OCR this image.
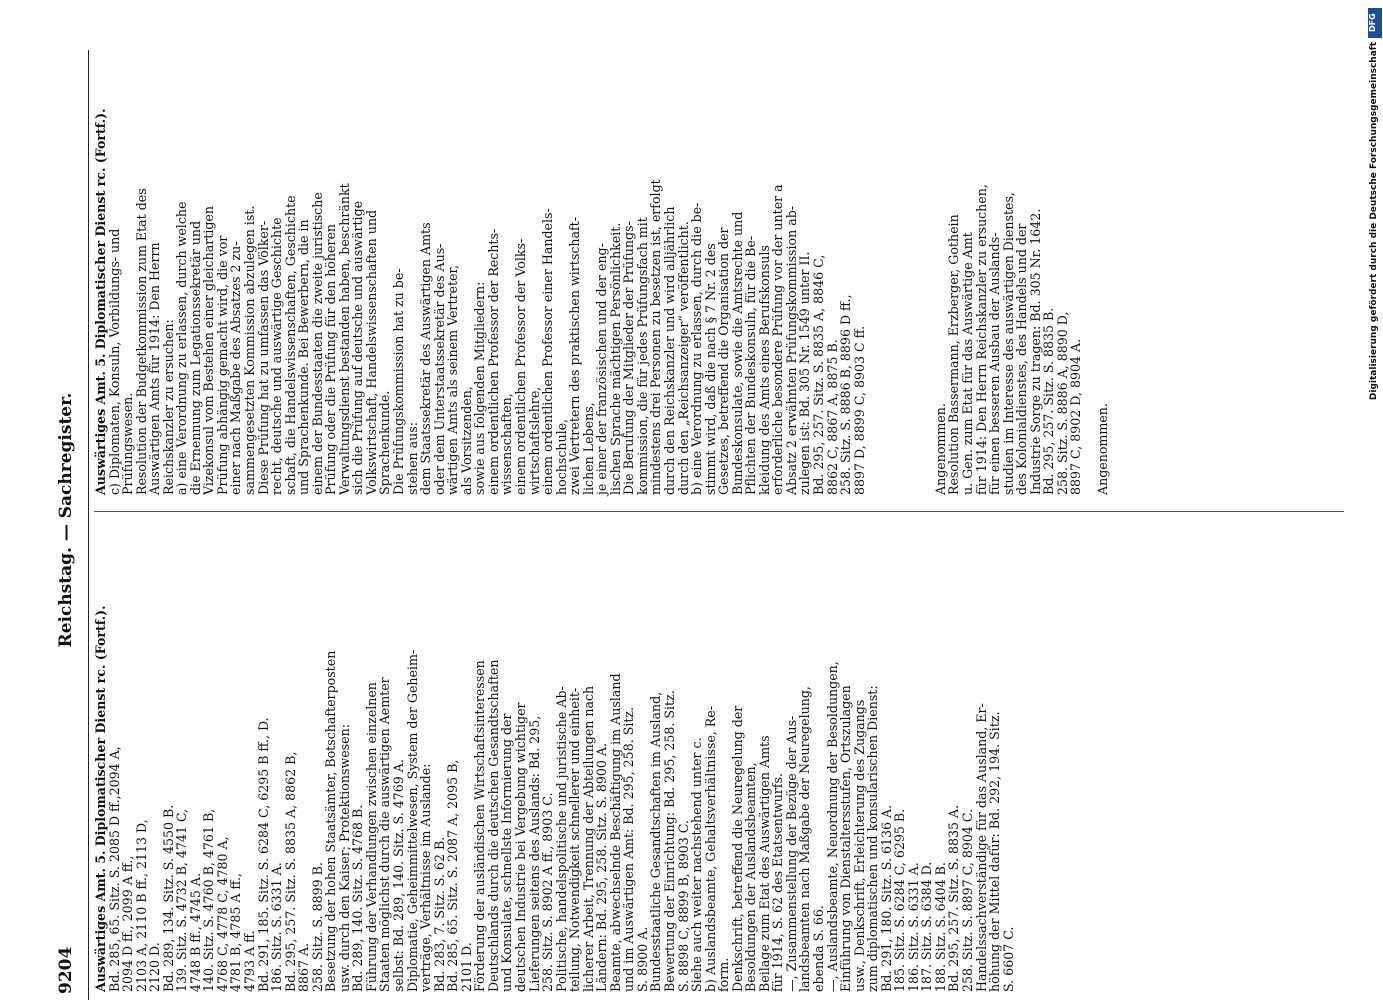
9204
Reichstag. — Sachregister.
Auswärtiges Amt. 5. Diplomatischer Dienst rc. (Fortf.).
Bd. 285, 65. Sitz. S. 2085 D ff.,2094 A,
2094 D ff., 2099 A ff.,
2103 A, 2110 B ff., 2113 D,
2120 D.
Bd. 289, 134. Sitz. S. 4550 B.
139. Sitz. S. 4732 B, 4741 C,
4748 B ff., 4745 A.
140. Sitz. S. 4760 B, 4761 B,
4768 C, 4778 C, 4780 A,
4781 B, 4785 A ff.,
4793 A ff.
Bd. 291, 185. Sitz. S. 6284 C, 6295 B ff., D.
186. Sitz. S. 6331 A.
Bd. 295, 257. Sitz. S. 8835 A, 8862 B,
8867 A.
258. Sitz. S. 8899 B.
Besetzung der hohen Staatsämter, Botschafterposten
usw. durch den Kaiser; Protektionswesen:
Bd. 289, 140. Sitz. S. 4768 B.
Führung der Verhandlungen zwischen einzelnen
Staaten möglichst durch die auswärtigen Aemter
selbst: Bd. 289, 140. Sitz. S. 4769 A.
Diplomatie, Geheimmittelwesen, System der Geheim-
verträge, Verhältnisse im Auslande:
Bd. 283, 7. Sitz. S. 62 B.
Bd. 285, 65. Sitz. S. 2087 A, 2095 B,
2101 D.
Förderung der ausländischen Wirtschaftsinteressen
Deutschlands durch die deutschen Gesandtschaften
und Konsulate, schnellste Informierung der
deutschen Industrie bei Vergebung wichtiger
Lieferungen seitens des Auslands: Bd. 295,
258. Sitz. S. 8902 A ff., 8903 C.
Politische, handelspolitische und juristische Ab-
teilung, Notwendigkeit schnellerer und einheit-
licherer Arbeit, Trennung der Abteilungen nach
Ländern: Bd. 295, 258. Sitz. S. 8900 A.
Beamte, abwechselnde Beschäftigung im Ausland
und im Auswärtigen Amt: Bd. 295, 258. Sitz.
S. 8900 A.
Bundesstaatliche Gesandtschaften im Ausland,
Bewertung der Einrichtung: Bd. 295, 258. Sitz.
S. 8898 C, 8899 B, 8903 C.
Siehe auch weiter nachstehend unter c.
b) Auslandsbeamte, Gehaltsverhältnisse, Re-
form.
Denkschrift, betreffend die Neuregelung der
Besoldungen der Auslandsbeamten,
Beilage zum Etat des Auswärtigen Amts
für 1914, S. 62 des Etatsentwurfs.
—, Zusammenstellung der Bezüge der Aus-
landsbeamten nach Maßgabe der Neuregelung,
ebenda S. 66.
—, Auslandsbeamte, Neuordnung der Besoldungen,
Einführung von Dienstaltersstufen, Ortszulagen
usw., Denkschrift, Erleichterung des Zugangs
zum diplomatischen und konsularischen Dienst:
Bd. 291, 180. Sitz. S. 6136 A.
185. Sitz. S. 6284 C, 6295 B.
186. Sitz. S. 6331 A.
187. Sitz. S. 6384 D.
188. Sitz. S. 6404 B.
Bd. 295, 257. Sitz. S. 8835 A.
258. Sitz. S. 8897 C, 8904 C.
Handelssachverständige für das Ausland, Er-
höhung der Mittel dafür: Bd. 292, 194. Sitz.
S. 6607 C.
Auswärtiges Amt. 5. Diplomatischer Dienst rc. (Fortf.).
c) Diplomaten, Konsuln, Vorbildungs- und
Prüfungswesen.
Resolution der Budgetkommission zum Etat des
Auswärtigen Amts für 1914: Den Herrn
Reichskanzler zu ersuchen:
a) eine Verordnung zu erlassen, durch welche
die Ernennung zum Legationssekretär und
Vizekonsul vom Bestehen einer gleichartigen
Prüfung abhängig gemacht wird, die vor
einer nach Maßgabe des Absatzes 2 zu-
sammengesetzten Kommission abzulegen ist.
Diese Prüfung hat zu umfassen das Völker-
recht, deutsche und auswärtige Geschichte
schaft, die Handelswissenschaften, Geschichte
und Sprachenkunde. Bei Bewerbern, die in
einem der Bundesstaaten die zweite juristische
Prüfung oder die Prüfung für den höheren
Verwaltungsdienst bestanden haben, beschränkt
sich die Prüfung auf deutsche und auswärtige
Volkswirtschaft, Handelswissenschaften und
Sprachenkunde.
Die Prüfungskommission hat zu be-
stehen aus:
dem Staatssekretär des Auswärtigen Amts
oder dem Unterstaatssekretär des Aus-
wärtigen Amts als seinem Vertreter,
als Vorsitzenden,
sowie aus folgenden Mitgliedern:
einem ordentlichen Professor der Rechts-
wissenschaften,
einem ordentlichen Professor der Volks-
wirtschaftslehre,
einem ordentlichen Professor einer Handels-
hochschule,
zwei Vertretern des praktischen wirtschaft-
lichen Lebens,
je einer der französischen und der eng-
lischen Sprache mächtigen Persönlichkeit.
Die Berufung der Mitglieder der Prüfungs-
kommission, die für jedes Prüfungsfach mit
mindestens drei Personen zu besetzen ist, erfolgt
durch den Reichskanzler und wird alljährlich
durch den „Reichsanzeiger“ veröffentlicht.
b) eine Verordnung zu erlassen, durch die be-
stimmt wird, daß die nach § 7 Nr. 2 des
Gesetzes, betreffend die Organisation der
Bundeskonsulate, sowie die Amtsrechte und
Pflichten der Bundeskonsuln, für die Be-
kleidung des Amts eines Berufskonsuls
erforderliche besondere Prüfung vor der unter a
Absatz 2 erwähnten Prüfungskommission ab-
zulegen ist: Bd. 305 Nr. 1549 unter II.
Bd. 295, 257. Sitz. S. 8835 A, 8846 C,
8862 C, 8867 A, 8875 B.
258. Sitz. S. 8886 B, 8896 D ff.,
8897 D, 8899 C, 8903 C ff.	Angenommen.
Resolution Bassermann, Erzberger, Gothein
u. Gen. zum Etat für das Auswärtige Amt
für 1914: Den Herrn Reichskanzler zu ersuchen,
für einen besseren Ausbau der Auslands-
studien im Interesse des auswärtigen Dienstes,
des Kolonialdienstes, des Handels und der
Industrie Sorge zu tragen: Bd. 305 Nr. 1642.
Bd. 295, 257. Sitz. S. 8835 B.
258. Sitz. S. 8886 A, 8890 D,
8897 C, 8902 D, 8904 A. Angenommen.
DFG
Digitalisierung gefördert durch die Deutsche Forschungsgemeinschaft
